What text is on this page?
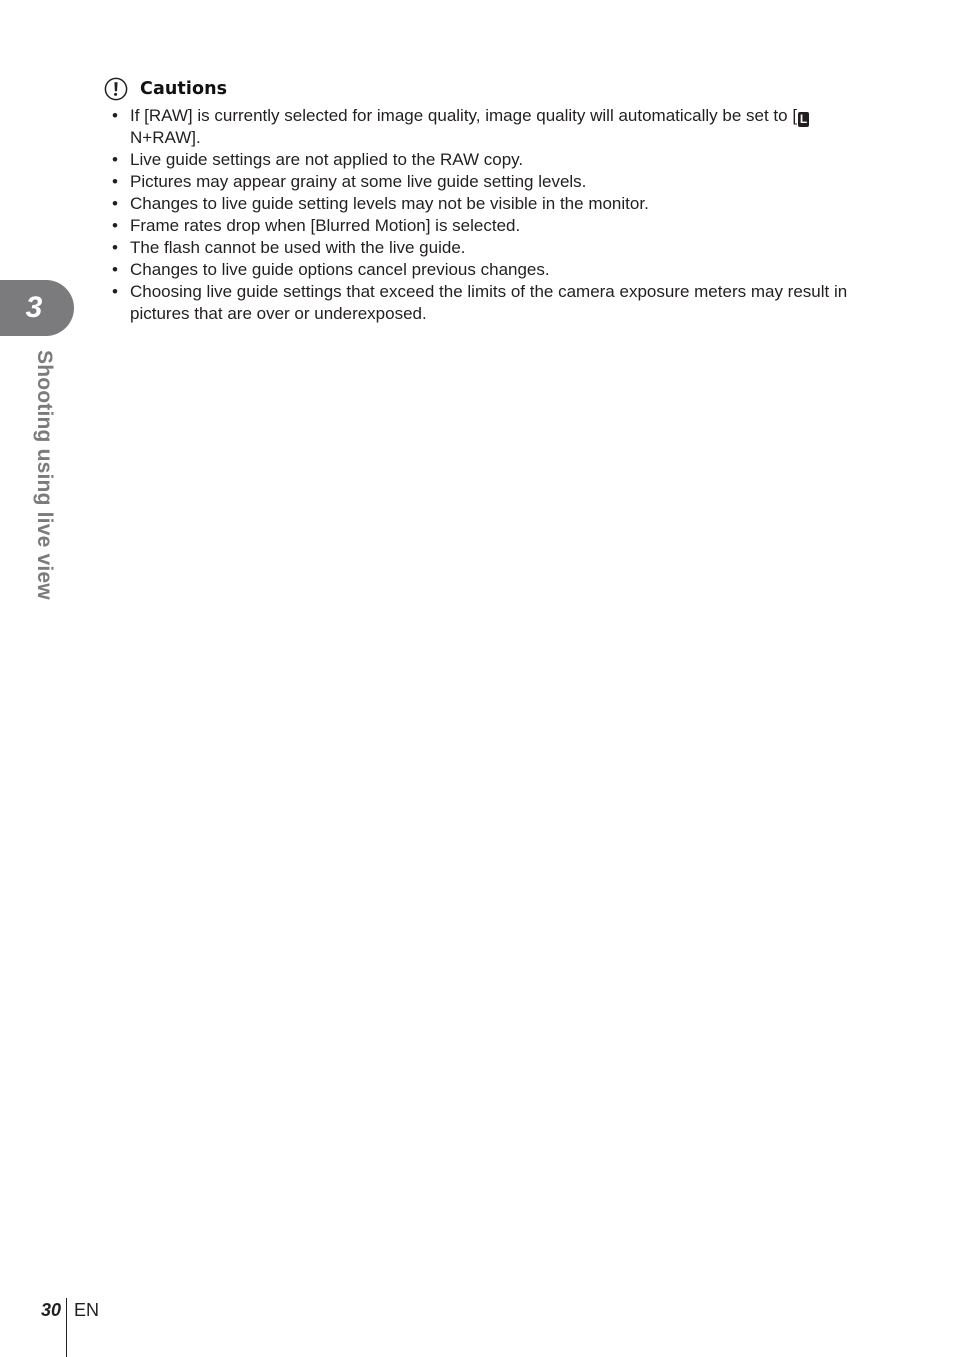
Cautions
• If [RAW] is currently selected for image quality, image quality will automatically be set to [ LN+RAW].
• Live guide settings are not applied to the RAW copy.
• Pictures may appear grainy at some live guide setting levels.
• Changes to live guide setting levels may not be visible in the monitor.
• Frame rates drop when [Blurred Motion] is selected.
• The flash cannot be used with the live guide.
• Changes to live guide options cancel previous changes.
• Choosing live guide settings that exceed the limits of the camera exposure meters may result in pictures that are over or underexposed.
3
Shooting using live view
30 EN
